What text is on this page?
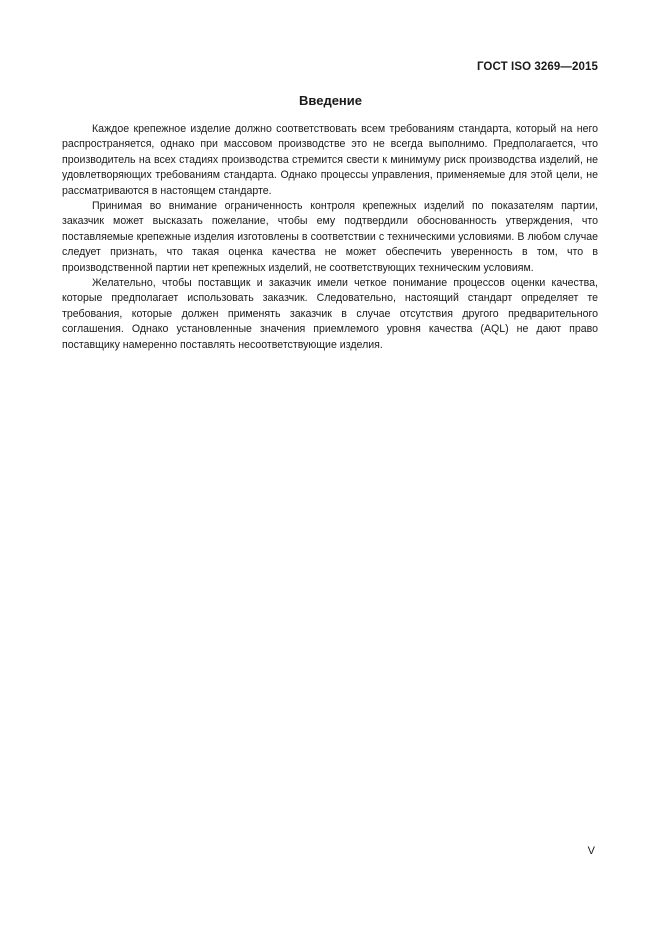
ГОСТ ISO 3269—2015
Введение

Каждое крепежное изделие должно соответствовать всем требованиям стандарта, который на него распространяется, однако при массовом производстве это не всегда выполнимо. Предполагается, что производитель на всех стадиях производства стремится свести к минимуму риск производства изделий, не удовлетворяющих требованиям стандарта. Однако процессы управления, применяемые для этой цели, не рассматриваются в настоящем стандарте.

Принимая во внимание ограниченность контроля крепежных изделий по показателям партии, заказчик может высказать пожелание, чтобы ему подтвердили обоснованность утверждения, что поставляемые крепежные изделия изготовлены в соответствии с техническими условиями. В любом случае следует признать, что такая оценка качества не может обеспечить уверенность в том, что в производственной партии нет крепежных изделий, не соответствующих техническим условиям.

Желательно, чтобы поставщик и заказчик имели четкое понимание процессов оценки качества, которые предполагает использовать заказчик. Следовательно, настоящий стандарт определяет те требования, которые должен применять заказчик в случае отсутствия другого предварительного соглашения. Однако установленные значения приемлемого уровня качества (AQL) не дают право поставщику намеренно поставлять несоответствующие изделия.

V
